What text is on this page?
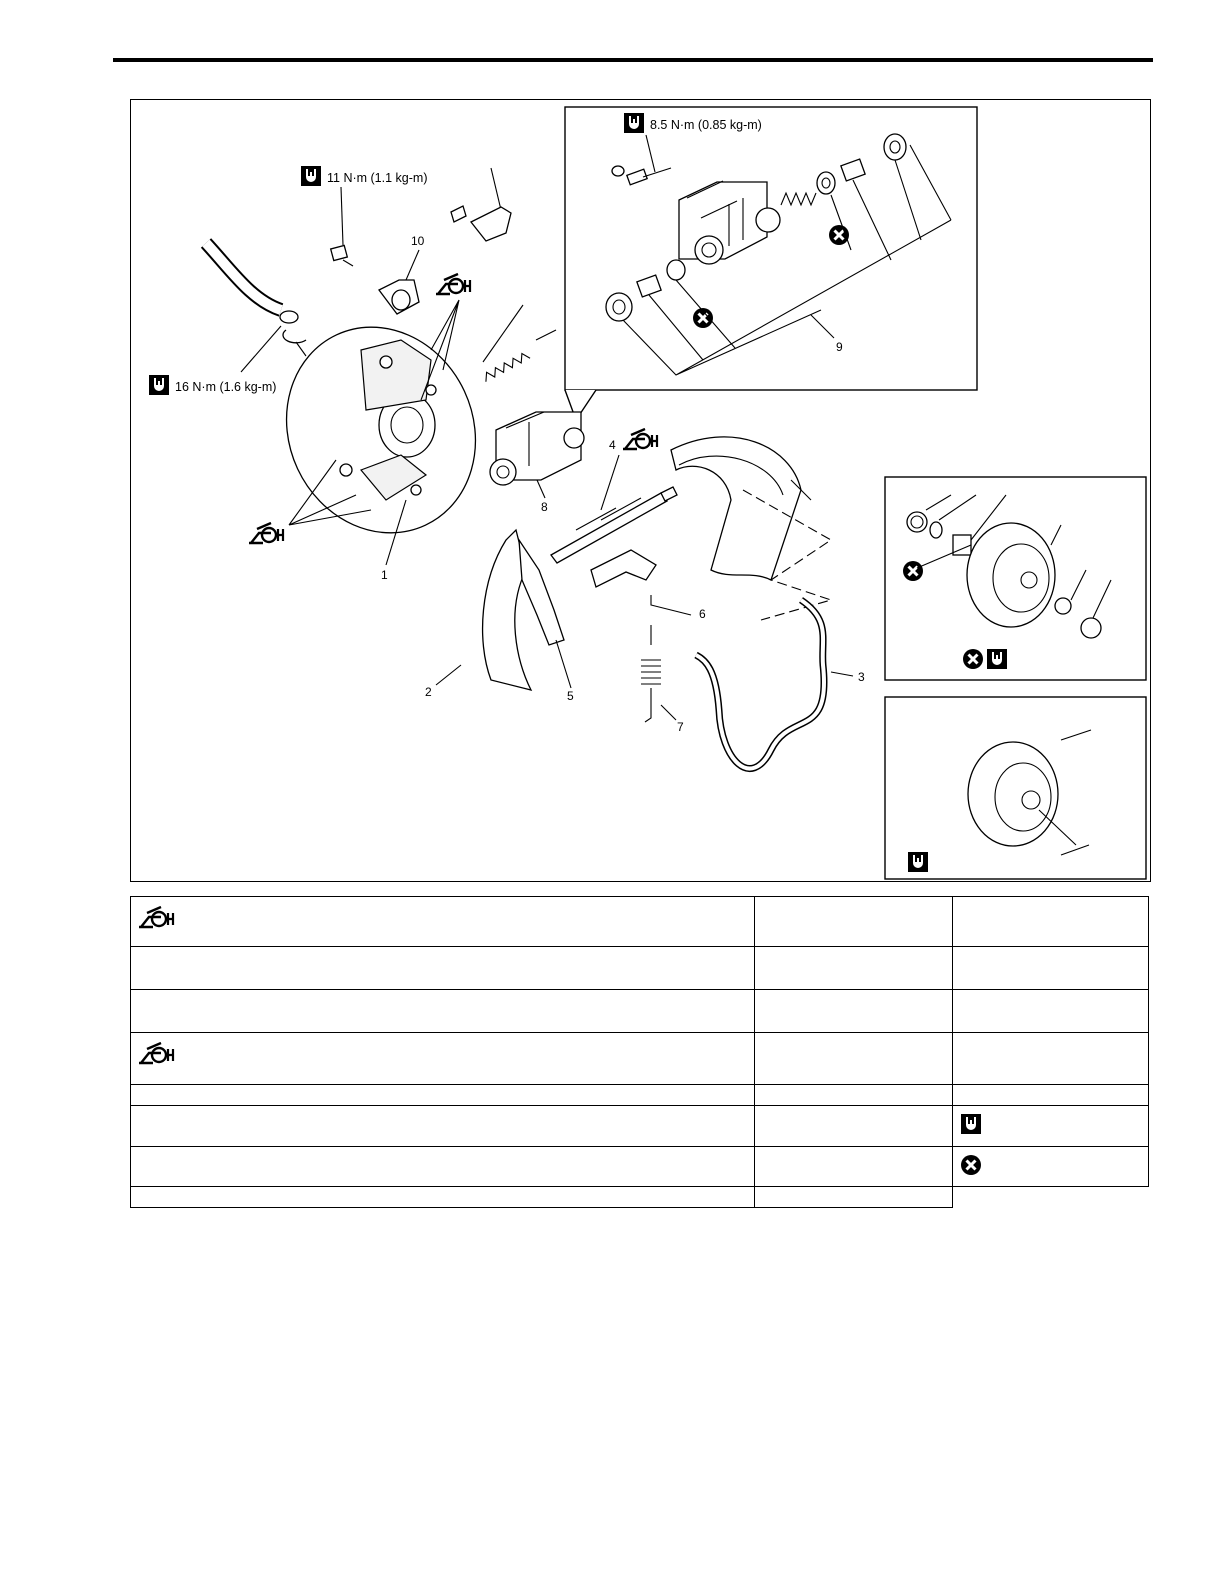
8.5 N·m (0.85 kg-m)
9
11 N·m (1.1 kg-m)
16 N·m (1.6 kg-m)
10
1
8
4
2	5
6
7
3
